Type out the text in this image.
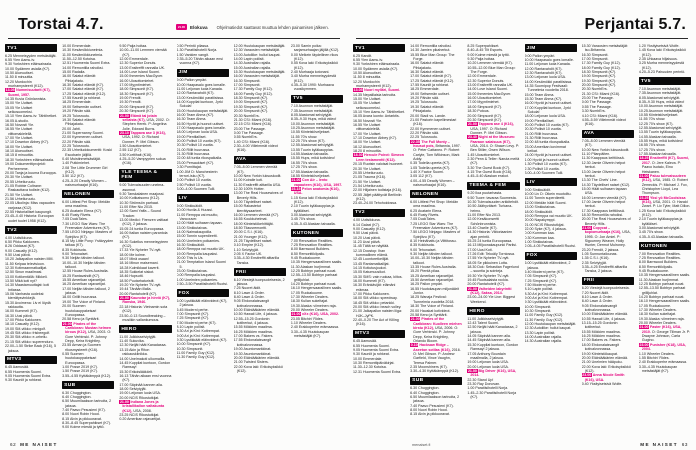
Torstai 4.7.	21.00	Elokuva Ohjelmatiedot saattavat muuttua lehden painamisen jälkeen.
TV1
6.25 Menneisyyden metsästäjät.
6.55 Ylen Aamu-tv.
9.30 Yorkshiren eläinsairaala.
10.00 Sydämen asialla (K7).
10.50 Alueuutiset.
11.50 8 minuuttia.
12.20 Murdochin murhamysteerit (K12).
13.05 Nummisuutarit (K7), Suomi, 1957.
14.35 Kuvia Grönlannista.
15.00 Yle Uutiset.
15.05 Yle Uutiset selkosuomeksi.
15.10 Ylen Aamu-tv: Tähtihetket.
16.05 A-studio.
16.50 Novosti Yle.
16.55 Yle Uutiset viittomakielellä.
17.00 Yle Uutiset.
17.10 Downton Abbey (K7).
18.00 Yle Uutiset.
18.10 Alueuutiset.
18.15 8 minuuttia.
18.30 Yorkshiren eläinsairaala.
19.00 Dokumenttiprojekti: Perheemme.
20.00 Tanja ja kuuma Eurooppa.
20.30 Yle Uutiset.
20.55 Urheiluruutu.
21.05 Robbie Coltrane: Raskauttava todiste (K12).
21.50 Yle Uutiset.
21.56 Urheiluruutu.
22.05 Ulkolinja: Miss vapauden varjossa (K12).
22.55 Historialliset kaupungit.
23.45–0.40 Historia: Euroopan uudet tuulet 1958 (K12).
TV2
4.00 Uutisikkuna.
6.50 Pikku Kakkonen.
8.26 Oddasat (K7).
9.00 Casualty (K12).
9.50 Uusi päivä.
10.20 Jalkapallon naisten MM.
11.50 Kelpaa televisioon.
12.30 Kotimaanmatkailijat.
12.50 Sinun maailmasi.
13.00 Kotikentällä: Mikkeli.
13.50 Mikä koti nyt?
14.30 Maastamuuttajat: koti Intiassa.
15.06 Vanhasta uudeksi: kierrätysvinkkejä.
15.30 Avoimena: Liv ei löydä rakkautta.
16.00 Kummeli (K7).
16.30 Uusi päivä.
17.00 Pikku Kakkonen.
18.10 Casualty (K12).
19.00 SM-viikko: minigolf.
19.45 SM-viikko: frisbeegolf.
20.30 SM-viikko: e-urheilu.
21.15 SM-viikko: superenduro.
22.00–1.50 Strike Back (K16), 5 jaksoa.
MTV3
6.45 Aamusää.
6.55 Huomenta Suomi.
9.05 Huomenta Suomi Extra.
9.30 Kauniit ja rohkeat.
10.00 Emmerdale.
10.30 Kesämökkiunelmia.
11.00 Kesämökkiunelmia.
11.50–12.50 Kotoisa.
12.51 Huomenta Suomi Extra.
14.00 Remontilla rahoiksi.
15.00 Radalla.
16.00 Salatut elämät: Pihlajakatu.
16.30 Salatut elämät (K7).
17.00 Salatut elämät (K7).
17.25 Salatut elämät (K12).
17.55 Kauniit ja rohkeat.
18.25 Emmerdale.
19.00 Seitsemän uutiset.
19.20 Päivän sää.
19.25 Tulosruutu.
19.30 Salatut elämät: Pihlajakatu.
20.00 Jahti.
21.00 Supernanny Suomi.
22.00 Kymmenen uutiset.
22.20 Päivän sää.
22.25 Tulosruutu.
22.35 Urheiludokumentti: Koski Escobarin jäljillä.
0.40 Muistinmetsästäjät.
1.40 Putkimiehet.
2.08 The Little Drummer Girl (K12).
3.50 112 (K7).
4.25–5.20 Deadly Women – naismurhaajat (K16).
NELONEN
6.00 Littlest Pet Shop: Meidän oma maailma.
6.25 Avatarin Elena (K7).
6.45 Rusty Rivets.
7.05 DuckTales.
7.30 LEGO Star Wars: The Freemaker Adventures (K7).
7.55 LEGO Ninjago: Masters of Spinjitzu (K7).
8.15 My Little Pony: Ystävyyden taikaa (K7).
8.35 Kokkisota.
9.00 Tehonaiset.
9.30 Neljän tähden talkoot.
10.00–10.30 Neljän tähden talkoot.
12.55 House Rules Australia.
15.25 Rantavahdit (K7).
15.55 Amerikan rajavartijat.
16.25 Amerikan rajavartijat.
17.00 Neljän tähden talkoot, 2 jaksoa.
18.00 Grillit huurussa.
19.00 The Voice of Finland.
20.00 Suomen huutokauppakeisari Euroopassa.
20.58 Keno ja Synttärit.
21.00 Pirates of the Caribbean: Mustan helmen kirous (K12), USA, 2003. O: Gore Verbinski. P: Johnny Depp, Keira Knightley.
23.55 Arman ja Suomen rikosmysteerit (K16).
0.55 Suomen huutokauppakeisari Euroopassa.
1.00 Posse 2019 (K7).
1.50 Posse 2019 (K7).
3.55–4.55 Kyttäkämppä (K12).
SUB
6.30 Chuggington.
6.40 Chuggington.
6.50 Muumilaakson tarinoita, 2 jaksoa.
7.40 Paavo Pesusieni (K7).
8.00 Nuori Robin Hood.
8.15 Alvin ja pikkuoravat.
8.30–8.45 Superpahikset (K7).
9.00 Kolme miestä ja tyttö.
9.50 Paija hoitaa.
10.00–11.00 Lemmen viemää (K7).
12.00 Emmerdale.
12.30 Superior Donuts.
13.00 Ensitreffit rannalla UK.
14.00 Love Island Suomi.
15.00 Ihmemies MacGyver.
16.00 Ulosottomiehet.
17.00 Myyntimiehet.
18.00 Simpsonit (K7).
18.30 Simpsonit (K7).
19.00 Frendit.
19.30 Frendit.
20.00 Simpsonit (K7).
20.30 Simpsonit (K7).
21.00 Elämä tai jotain sellaista (K7), USA, 2002. O: Stephen Herek. P: Angelina Jolie, Edward Burns.
23.10 Tappava ase 3 (K16), USA, 1992. O: Richard Donner. P: Mel Gibson.
1.50 Ulosottomiehet.
2.55 112 (K7).
3.50 Korttihait (K16).
4.25–5.20 Vampyyrien sukua (K16).
YLE TEEMA & FEM
9.00 Tulevaisuuden unelma-asunnot.
9.30 Tanskalainen maajussi.
10.00 Kotikatsomo (K12).
10.30 Strömsön parhaat.
11.00 Efter Nio 2015.
12.00 Sami Yaffa – Sound Tracker.
13.00 Medici: Firenzen valtiaat (K12), 2 jaksoa.
15.05 24 tuntia Euroopassa.
16.00 Italian naisten parantola (K7).
16.30 Sukellus menneisyyteen (K12).
17.33 Yle Nyheter TV-nytt.
18.00 Me kolme.
18.07 Minä osaan!
18.16 Minun maisemani.
18.28 Kulmikkaat kaverit.
18.35 Sukkelat siskot.
18.46 Hupsutti.
18.50 Puutarhaturistit.
19.20 Yle Nyheter TV-nytt.
19.44 Tänään illalla.
20.00 Rantahotelli (K7).
21.00 Kaunotar ja hirviö (K7), Ranska, 1946.
22.18 Historia: Vietnamin sota (K12).
23.50–0.13 Soundbreaking – musiikin vallankumous.
HERO
11.00 Julkkisselviytyjät.
11.40 Sukuvika.
12.30 Neljät häät Kanadassa.
13.15 Akin ja Riton rakkausklinikka.
14.00 Unelmakoti ulkomailla.
14.45 Kuppilat kuntoon, Gordon Ramsay!
15.30 Erikoislääkärit.
16.13 Tähän aikaan ensi vuonna (K7).
17.00 Säpinää kannen alla.
18.00 Selviytyjät.
19.00 Leijonan luola USA.
20.00 NCIS Rikostutkijat.
21.00 Indiana Jones ja kristallikallon valtakunta (K12), USA, 2008.
23.25 NCIS Rikostutkijat.
0.20 Amerikan rajavartijat.
0.50 Perintö pilassa.
1.30 Paratiisihotelli Norja.
1.50 Vankien vangit.
2.35–5.20 Tähän aikaan ensi vuonna (K7).
JIM
9.00 Pallon ympäri.
10.00 Haapasalo goes lomalle.
11.00 Leijonan luola Kanada.
12.00 Rantavahdit (K7).
13.00 Kesämökki paratiisissa.
14.00 Kuppilat kuntoon, Jyrki Sukula!
15.00 Huutokaupan metsästäjät.
16.00 Team Ahma (K7).
16.30 Team Ahma.
16.50 Hyvät ja huonot uutiset.
17.00 Haapasalo goes lomalle.
18.00 Leijonan luola USA.
19.00 Pientilalliset.
20.00 Poliisit 10 vuotta (K7).
20.30 Poliisit 10 vuotta.
21.00 Rillit huurussa.
21.30 Rillit huurussa.
22.00 48 tuntia rikospaikalla.
23.00 Persaukiset (K7).
0.30 Pornittajat.
1.00 JIM D: Manchesterin terrori-isku (K7).
2.00 Poliisit 10 vuotta.
2.50 Poliisit 10 vuotta.
3.00–4.00 Suomen Tulli.
LIV
9.00 Sinkkuäidit.
10.00 Huvila & Huussi.
11.00 Remppa vai muutto, Vancouver.
12.00 Häät sulhasen tapaan.
13.00 Sinkkutaivas.
14.00 Naimakaupoilla.
15.00 Tonnin superdieetti.
16.00 Unelmien poikamies.
16.30 Sinkkuäidit.
18.00 Remppa vai muutto UK.
19.00 Rempalla kaupaksi.
20.00 This Is Us.
21.00 Temptation Island Suomi 5.
23.00 Sinkkutaivas.
0.00 Rempalla kaupaksi.
1.00 Unelmien poikamies.
2.50–3.50 Paratiisihotelli Ruotsi.
FOX
6.00 Lystikkäät eläinvideot (K7), 2 jaksoa.
6.45 Moderni perhe.
7.00 Simpsonit (K7).
7.25 Simpsonit (K7).
7.50 Moderni perhe (K7).
8.10 Lapin poliisit.
8.30 Ari ja Kini: Kotirempat.
9.00 Ari ja Kini: Kotirempat.
9.30 Lystikkäät eläinvideot (K7).
10.00 Simpsonit (K7).
10.30 Simpsonit.
11.00 Family Guy (K12).
11.30 Family Guy (K12).
12.00 Huutokaupan metsästäjät.
12.30 Varaosien metsästäjät.
13.00 Autoliike: hullut kaupat.
14.00 Lapin poliisit.
14.30 Australian rajalla.
15.00 Australian rajalla.
15.30 Huutokaupan metsästäjät.
16.00 Varaosien metsästäjät.
16.30 Simpsonit.
17.00 Simpsonit.
17.30 Family Guy (K12).
18.00 Family Guy (K12).
18.30 Simpsonit (K7).
19.00 Simpsonit (K7).
19.30 Simpsonit (K7).
20.00 Simpsonit (K7).
20.30 NumbErs.
21.30 CSI: Miami (K16).
22.15 CSI: Miami (K16).
23.00 The Passage.
0.00 The Passage.
0.55 NumbErs.
1.40 CSI: Miami (K16).
2.30–4.00 Villeimmät videot (K16).
AVA
7.05–8.00 Lemmen viemää (K7).
10.00 New Yorkin luksuskodit.
11.00 Koiralle koti.
11.30 Ensitreffit alttarilla USA.
12.30 100% Hotter.
13.00 The Real Housewives of Beverly Hills.
14.00 Täydelliset naiset.
15.00 Rakastetut kierrätysaarteet.
16.00 Lemmen viemää (K7).
16.55 Koukkuhelmat.
18.00 Kiinteistökehittäjät.
18.50 Tilausremontti.
20.00 C.S.I. (K16).
21.00 Younger (K12).
21.25 Täydelliset naiset.
0.10 Empire (K12).
1.10 Selviytyjät.
2.05 X Factor UK.
3.35–4.30 Ensitreffit alttarilla Tanska.
FRII
6.10 Viestejä tuonpuoleisesta, 2 jaksoa.
7.25 Nuoret äidit.
8.10 Lawn & Order.
8.40 Lawn & Order.
9.05 Ehdonalaisvangit kotivalvonnassa.
10.00 Eläinlääkärien elämää.
10.50 Hawaii Life, 4 jaksoa.
12.55–15.25 Gordonin kotiherkut, 4 jaksoa.
15.55 Mökkien maailma.
16.25 Mökkien maailma.
17.00 Bakers vs. Fakers.
17.55 Ehdonalaisvangit kotivalvonnassa.
19.00 Asuntomarkkinat.
19.30 Asuntomarkkinat.
20.00 Eläinlääkärien elämää.
21.00 Twisted Sisters.
22.00 Kova laki: Erikoisyksikkö (K12).
23.00 Samin poika: sarjamurhaajan jäljillä (K12).
0.00 Melkein täydellinen rikos (K12).
0.55 Kova laki: Erikoisyksikkö (K12).
2.40 Murhaaja kotonani.
3.40 Murha menneisyydestä (K12).
4.35–5.30 1990: Murhaava vuosikymmen.
TV5
7.10 Asunnon metsästäjät.
7.35 Asunnon metsästäjät.
8.05 Alastomat selviytyjät.
8.35–9.30 Hups, mikä video!
10.00 Asunnon metsästäjät.
10.25 Asunnon metsästäjät.
10.55 Kiinteistöveljekset.
11.55 70's show.
12.25 70's show (K7).
12.55 Alastomat selviytyjät.
13.55 Tuurin kyläkauppias.
14.55 Alaskan taivaalla.
15.55 Hups, mikä kotivideo!
16.55 70's show.
17.25 70's show.
17.55 Alaskan taivaalla.
18.55 Kiinteistöveljekset.
21.00 Con Air – lento vapauteen (K16), USA, 1997.
23.15 Pelon anatomia (K16), USA.
1.15 Kova laki: Erikoisyksikkö (K12).
2.10 Tuurin kyläkauppias ja kyläläiset.
3.00 Alastomat selviytyjät.
3.45 70's show.
4.35–5.43 Alaskan taivaalla.
KUTONEN
7.00 Renovation Realities.
7.25 Renovation Realities.
8.00 Barnwood Builders.
8.50 Remonttikilpailu.
9.45 Ruokakuume.
10.35 Hengenvaarallinen saalis.
11.30 Alaskan hurjimmat.
12.25 Bobbyn parhaat ruoat.
12.55–13.50 Bobbyn parhaat grillijuhlat.
14.20 Bobbyn parhaat ruoat.
16.10 Hengenvaarallinen saalis.
17.05 Ruokakuume.
17.30 Wheeler Dealers.
18.30 Kullan sukeltajat.
19.30 Alaska: viimeinen raja.
20.00 Wheeler Dealers.
21.00 xXx (K16), USA, 2002.
23.05 Bitchin' Rides.
1.10 Wheeler Dealers.
2.40 Erakkoperhe erämaassa.
3.30–4.35 Huutokaupan metsästäjät (K7).
62 ME NAISET
Perjantai 5.7.
TV1
6.25 Kandit.
6.55 Ylen Aamu-tv.
9.30 Yorkshiren eläinsairaala.
10.00 Sydämen asialla (K7).
10.50 Alueuutiset.
11.50 8 minuuttia.
12.20 Murdochin murhamysteerit (K12).
13.05 Nuori mylläri, Suomi.
14.35 Nepalilaisia tarinoita.
15.00 Yle Uutiset.
15.05 Yle Uutiset selkosuomeksi.
15.10 Ylen Aamu-tv: Tähtihetket.
16.05 Avara luonto: Antarktis.
16.50 Novosti Yle.
16.55 Yle Uutiset viittomakielellä.
17.00 Yle Uutiset.
17.10 Downton Abbey (K7).
18.00 Yle Uutiset.
18.12 Alueuutiset.
18.20 8 minuuttia.
18.30 Hercule Poirot: Simeon Leen testamentti (K12).
20.15 Ruotsin valoisat huoneet.
20.30 Yle Uutiset.
20.55 Urheiluruutu.
21.05 Trauma (K16).
21.50 Yle Uutiset.
21.54 Urheiluruutu.
22.00 Hiljainen todistaja (K16).
22.55 Jäljet päättyvät Berliiniin (K12).
23.40–24.00 Tehohoidossa.
TV2
4.00 Uutisikkuna.
6.14 Galaxi (K7).
9.00 Casualty (K12).
9.50 Uusi päivä.
10.20 Uusi päivä.
11.23 Uusi päivä.
11.45 Tältä se näyttää.
12.15 Docstop: Ihan kummallinen elämä.
12.45 Luontoretkeilijät.
13.45 Rantamatkailijat.
14.15 Kotiutusjoukot.
15.05 Katumuusikot.
15.30 SMS: vain ruokaa, kiitos.
16.00 Kummeli (K7).
16.30 Eränkävijät: elämäni erämaa.
17.00 Pikku Kakkonen.
18.00 SM-viikko: speedway.
18.45 SM-viikko: petankki.
20.00 SM-viikko: beach volley.
21.00 Jalkapallon naisten liiga: HJK–JyPK.
22.40–0.20 The Act of Killing (K16).
MTV3
6.45 Aamusää.
6.55 Huomenta Suomi.
9.05 Huomenta Suomi Extra.
9.30 Kauniit ja rohkeat.
10.00 Emmerdale.
10.30 Remonttipäiväkirjat.
11.30–12.30 Kotoisa.
12.31 Huomenta Suomi Extra.
14.00 Remontilla rahoiksi.
14.30 Jamien pikaherkut.
15.55 Blue Man Group: The Forge.
16.00 Salatut elämät: Pihlajakatu.
16.30 Salatut elämät.
17.00 Salatut elämät (K7).
17.25 Salatut elämät (K12).
17.55 Kauniit ja rohkeat.
18.25 Emmerdale.
19.00 Seitsemän uutiset.
19.20 Päivän sää.
19.25 Tulosruutu.
19.30 Salatut elämät: Pihlajakatu.
20.00 Stadi vs. Lande.
21.00 Pastorin kapellimestari (K16).
22.00 Kymmenen uutiset.
22.20 Päivän sää.
22.25 Tulosruutu.
22.35 The Full Monty – housut pois, Britannia, 1997. O: Peter Cattaneo. P: Robert Carlyle, Tom Wilkinson, Mark Addy.
0.35 Todella upeeta (K7).
1.05 Todella upeeta (K7).
1.40 X Factor Suomi.
3.05 112 (K7).
4.00–4.55 Deadly Women – naismurhaajat (K16).
NELONEN
6.00 Littlest Pet Shop: Meidän oma maailma.
6.25 Avatarin Elena.
6.45 Rusty Rivets.
7.05 DuckTales.
7.25 LEGO Star Wars: The Freemaker Adventures (K7).
7.50 LEGO Ninjago: Masters of Spinjitzu (K7).
8.10 Heinähattu ja Vilttitossu.
8.35 Kokkisota.
9.00 Tehonaiset.
9.30 Neljän tähden talkoot.
10.00–10.30 Neljän tähden talkoot.
13.35 House Rules Australia.
15.20 Pientä pilaa.
15.25 Amerikan rajavartijat.
15.50 Amerikan rajavartijat.
16.25 Pallon ympäri.
16.55 Huutokaupan miljonäärit Junior.
18.25 Wanaja Festival: Tunnelmia vuodelta 2018.
18.30 The Voice of Finland.
20.00 Hauskat kotivideot.
20.58 Keno ja Synttärit.
21.00 Pirates of the Caribbean: Kuolleen miehen kirstu (K12), USA, 2006. O: Gore Verbinski. P: Johnny Depp, Keira Knightley, Orlando Bloom.
0.10 Hacksaw Ridge – Aseeton sotilas (K16), 2016. O: Mel Gibson. P: Andrew Garfield, Vince Vaughn, Teresa Palmer.
2.35 Moonshiners (K7).
3.30–4.30 Kyttäkämppä (K12).
SUB
6.30 Chuggington.
6.40 Chuggington.
6.50 Muumilaakson tarinoita, 2 jaksoa.
7.40 Paavo Pesusieni (K7).
8.00 Nuori Robin Hood.
8.15 Alvin ja pikkuoravat.
8.25 Superpahikset.
8.40–8.45 Tilt Esports.
9.00 Kolme miestä ja tyttö.
9.30 Paija hoitaa.
10.20 Lemmen viemää (K7).
10.55–12.00 Blue Man Group: The Forge.
12.00 Emmerdale.
12.30 Superior Donuts.
13.00 Ensitreffit rannalla UK.
14.00 Love Island Suomi.
15.00 Ihmemies MacGyver.
16.00 Ulosottomiehet.
17.00 Myyntimiehet.
18.00 Simpsonit (K7).
18.30 Putous.
20.00 Simpsonit (K7).
20.30 Simpsonit (K7).
21.00 Tappava ase 4 (K16), USA, 1997. O: Richard Donner. P: Mel Gibson.
23.40 Night at the Museum: Faaraon salaisuus (K7), USA, 2014. O: Shawn Levy. P: Ben Stiller, Owen Wilson.
1.45 Ulosottomiehet.
2.30 Penn & Teller: Naruta meitä (K7).
3.30 The Guest Book (K7).
4.15 The Guest Book (K16).
4.45–5.40 Alaskan erakot.
TEEMA & FEM
9.20 Iloa puutarhasta.
9.50 Tuore: tavaraa Suomesta.
10.30 Tulevaisuuden arkkitehdit.
10.50 Jäähyväiset: Turkana-heimo.
11.00 Efter Nio 2013.
12.00 Kesäkonsertti Schönbrunnista.
13.40 Charlie (K7).
14.30 Historia: Viktoriaanien ajan perintö.
15.25 24 tuntia Euroopassa.
16.13 Miljoonakaupunki Pariisi.
17.00 Uusi Koti.
17.26 Edit: Tekoäly Torniossa.
17.55 Yle Nyheter TV-nytt.
18.05 Se pikkuinen Lotta.
18.30 Dok: Sebastian Fagerlund – suuntia ja sointeja.
19.30 Yle Nyheter TV-nytt.
19.45 Ruotsalaista rockia.
20.00 Rantahotelli (K7).
21.00 Valheiden labyrintti (K12), Saksa, 2014.
23.00–24.00 Yle Live: Biggest Weekend.
HERO
11.00 Julkkisselviytyjät.
12.43 Talent Suomi.
12.50 Neljät häät Kanadassa, 2 jaksoa.
14.05 Säpinää kannen alla.
14.45 Säpinää kannen alla.
15.30 Kuppilat kuntoon, Gordon Ramsay! 2 jaksoa.
17.05 Anthony Bourdain maailmalla, 2 jaksoa.
19.00 Leijonan luola USA.
20.00 Leijonan luola USA.
21.00 Big Driver (K16), USA, 2014.
22.30 Stand Up!
23.30 Ray Donovan.
1.00 Paratiisihotelli Norja.
1.45–2.30 Paratiisihotelli Norja (K7).
JIM
9.00 Pallon ympäri.
10.00 Haapasalo goes lomalle.
11.00 Leijonan luola Kanada.
12.00 Rantavahdit (K7).
12.30 Rantavahdit (K7).
13.00 Leijonan luola USA.
14.00 Kesämökki paratiisissa.
14.35 Suomipop Festivaali: Tunnelmia vuodelta 2018.
15.00 Team Ahma.
15.30 Team Ahma (K7).
16.00 Hyvät ja huonot uutiset.
17.00 Kuppilat kuntoon, Jyrki Sukula!
18.00 Leijonan luola USA.
19.00 Pientilalliset.
20.00 Poliisit 10 vuotta (K7).
20.30 Poliisit 10 vuotta.
21.00 Rillit huurussa.
21.30 Rillit huurussa.
22.00 48 tuntia rikospaikalla.
23.00 Amerikan kovimmat keikat.
24.00 Hyvät ja huonot uutiset.
1.00 Hyvät ja huonot uutiset.
1.30 Poliisit 10 vuotta (K7).
2.30 Poliisit 10 vuotta.
3.00–4.00 Suomen Tulli.
LIV
9.00 Sinkkuäidit.
10.00 Liv D: Oikein muotoiltu.
11.00 Tonnin superdieetti.
12.00 Meidän häät Suomi.
13.00 Sinkkutaivas.
18.00 Sinkkuäidit.
19.00 Remppa vai muutto UK.
20.00 Napakymppi.
21.00 NCIS Rikostutkijat.
22.00 Syke (K7), 4 jaksoa.
0.00 Kumman kaa.
0.30 Kumman kaa.
1.00 Sinkkutaivas.
2.05–4.05 Paratiisihotelli Ruotsi.
FOX
6.00 Lystikkäät eläinvideot, 2 jaksoa.
6.40 Moderni perhe (K7).
7.05 Simpsonit (K7).
7.25 Simpsonit (K7).
7.50 Moderni perhe.
8.10 Lapin poliisit.
8.30 Ari ja Kini: Kotirempat.
9.00 Ari ja Kini: Kotirempat.
9.30 Lystikkäät eläinvideot.
10.00 Simpsonit.
10.30 Simpsonit.
11.00 Family Guy (K12).
11.30 Family Guy (K12).
12.00 Huutokaupan metsästäjät.
12.30 Autoliike: hullut kaupat.
13.30 Lapin poliisit.
14.00 Australian rajalla.
14.30 Australian rajalla.
15.30 Varaosien metsästäjät: Iso-Britannia.
16.30 Simpsonit.
17.00 Simpsonit.
17.30 Family Guy (K12).
18.00 Family Guy (K12).
18.30 Simpsonit (K7).
19.00 Simpsonit (K7).
19.30 Simpsonit (K7).
20.00 Simpsonit (K7).
20.30 NumbErs.
21.30 CSI: Miami (K16).
23.00 The Passage.
0.00 The Passage.
0.55 The Passage.
3.30 NumbErs.
4.10 CSI: Miami (K16).
4.55–5.59 Villeimmät videot (K16).
AVA
7.05–8.00 Lemmen viemää (K7).
10.00 New Yorkin luksuskodit.
11.10 Pilanpäiten.
11.30 Kaappaus keittiössä.
12.30 Jamie Oliverin helpot herkut.
13.00 Jamie Oliverin helpot herkut.
13.30 The Chefs' Line.
14.30 Täydelliset naiset (K12).
15.00 Häät sulhasen tapaan USA.
16.00 Lemmen viemää (K7).
17.00 Jamie Oliverin helpot herkut.
17.30 Kaappaus keittiössä.
18.30 Remontilla rahoiksi.
20.00 The Real Housewives of Beverly Hills.
21.00 Copycat – kopiomurhaaja (K16), USA, 1995. O: Jon Amiel. P: Sigourney Weaver, Holly Hunter, Dermot Mulroney.
23.20 Frendit, 2 jaksoa.
1.05 Sunnuntailounas.
1.35 C.S.I. (K16).
2.35 Selviytyjät.
3.35–4.25 Ensitreffit alttarilla Tanska, 2 jaksoa.
FRII
6.20 Viestejä tuonpuoleisesta.
7.20 Nuoret äidit.
8.10 Lawn & Order.
8.40 Lawn & Order.
9.05 Ehdonalaisvangit kotivalvonnassa.
10.00 Eläinlääkärien elämää.
10.55 Hawaii Life, 4 jaksoa.
13.15–15.25 Gordonin kotiherkut.
15.55 Mökkien maailma.
16.25 Mökkien maailma.
17.00 Bakers vs. Fakers.
18.00 Ehdonalaisvangit kotivalvonnassa.
19.00 Kiinteistökaupat.
20.00 Eläinlääkärien elämää.
21.00 Unelmien hääpuku.
22.00 Kova laki: Erikoisyksikkö (K12).
23.00 Anna Nicole Smith (K16), USA.
0.40 Yksityisetsivä Wolfe.
1.20 Yksityisetsivä Wolfe.
1.45 Kova laki: Erikoisyksikkö (K12).
2.35 Uhkaava hiljaisuus.
3.25 Murha menneisyydestä (K12).
4.20–5.23 Pahuuden perintö.
TV5
7.10 Asunnon metsästäjät.
7.35 Asunnon metsästäjät.
8.05 Alastomat selviytyjät.
8.35–9.30 Hups, mikä video!
10.00 Asunnon metsästäjät.
10.25 Asunnon metsästäjät.
10.55 Kiinteistöveljekset.
11.55 70's show.
12.25 70's show (K7).
12.55 Alastomat selviytyjät.
13.55 Tuurin kyläkauppias.
14.55 Alaskan taivaalla.
15.55 Hups, mikä kotivideo!
16.55 70's show.
17.25 70's show.
17.55 Alaskan taivaalla.
18.25 Ensitreffit (K7), Suomi, 2017. O: Jere Kaleva. P: Paavo Isotalo, Eino Heiskanen.
21.00 Paluu tulevaisuuteen (K12), USA, 1985. O: Robert Zemeckis. P: Michael J. Fox, Christopher Lloyd, Lea Thompson.
23.25 Yksi yö McCoolsissa (K16), USA, 2001. O: Harald Zwart. P: Liv Tyler, Matt Dillon.
1.25 Kova laki: Erikoisyksikkö (K12).
2.10 Tuurin kyläkauppias ja kyläläiset.
3.00 Alastomat selviytyjät.
3.45 70's show.
4.35–5.43 Alaskan taivaalla.
KUTONEN
7.00 Renovation Realities.
7.25 Renovation Realities.
8.00 Barnwood Builders.
8.50 Remonttikilpailu.
9.45 Ruokakuume.
10.35 Hengenvaarallinen saalis.
11.30 Alaskan hurjimmat.
12.25 Bobbyn parhaat ruoat.
12.55–13.50 Bobbyn parhaat grillijuhlat.
14.20 Bobbyn parhaat ruoat.
16.10 Hengenvaarallinen saalis.
17.05 Ruokakuume.
17.30 Wheeler Dealers.
18.30 Kullan sukeltajat.
19.30 Alaska: viimeinen raja.
20.00 Wheeler Dealers.
21.00 Faster (K16), USA, 2010. O: George Tillman Jr. P: Dwayne Johnson, Carla Gugino.
23.00 Punisher (K18), USA, 2004.
1.10 Wheeler Dealers.
1.55 Bitchin' Rides.
2.40 Erakkoperhe erämaassa.
3.30–4.35 Huutokaupan metsästäjät (K7).
menaiset.fi	ME NAISET 63
